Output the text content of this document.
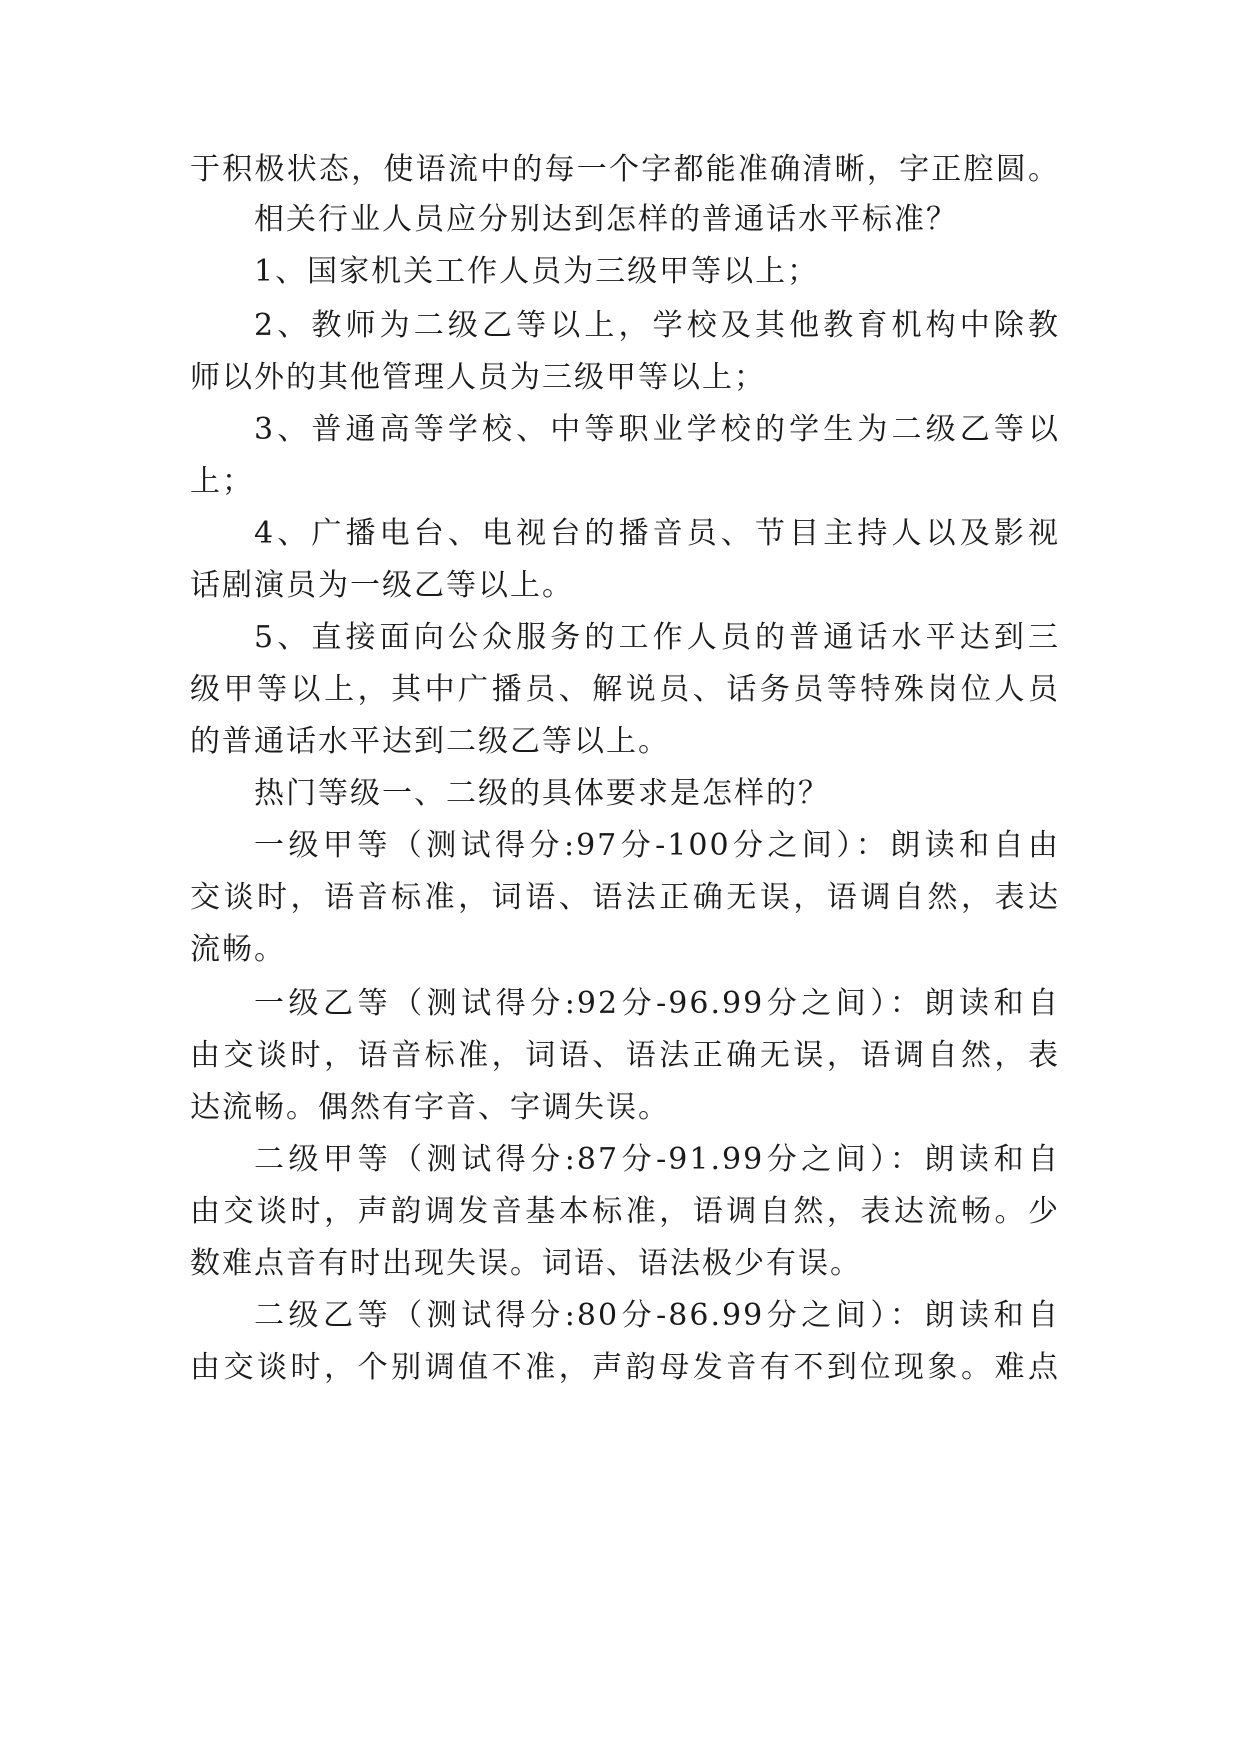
于积极状态，使语流中的每一个字都能准确清晰，字正腔圆。
相关行业人员应分别达到怎样的普通话水平标准？
1、国家机关工作人员为三级甲等以上；
2、教师为二级乙等以上，学校及其他教育机构中除教
师以外的其他管理人员为三级甲等以上；
3、普通高等学校、中等职业学校的学生为二级乙等以
上；
4、广播电台、电视台的播音员、节目主持人以及影视
话剧演员为一级乙等以上。
5、直接面向公众服务的工作人员的普通话水平达到三
级甲等以上，其中广播员、解说员、话务员等特殊岗位人员
的普通话水平达到二级乙等以上。
热门等级一、二级的具体要求是怎样的？
一级甲等（测试得分:97分-100分之间）：朗读和自由
交谈时，语音标准，词语、语法正确无误，语调自然，表达
流畅。
一级乙等（测试得分:92分-96.99分之间）：朗读和自
由交谈时，语音标准，词语、语法正确无误，语调自然，表
达流畅。偶然有字音、字调失误。
二级甲等（测试得分:87分-91.99分之间）：朗读和自
由交谈时，声韵调发音基本标准，语调自然，表达流畅。少
数难点音有时出现失误。词语、语法极少有误。
二级乙等（测试得分:80分-86.99分之间）：朗读和自
由交谈时，个别调值不准，声韵母发音有不到位现象。难点
